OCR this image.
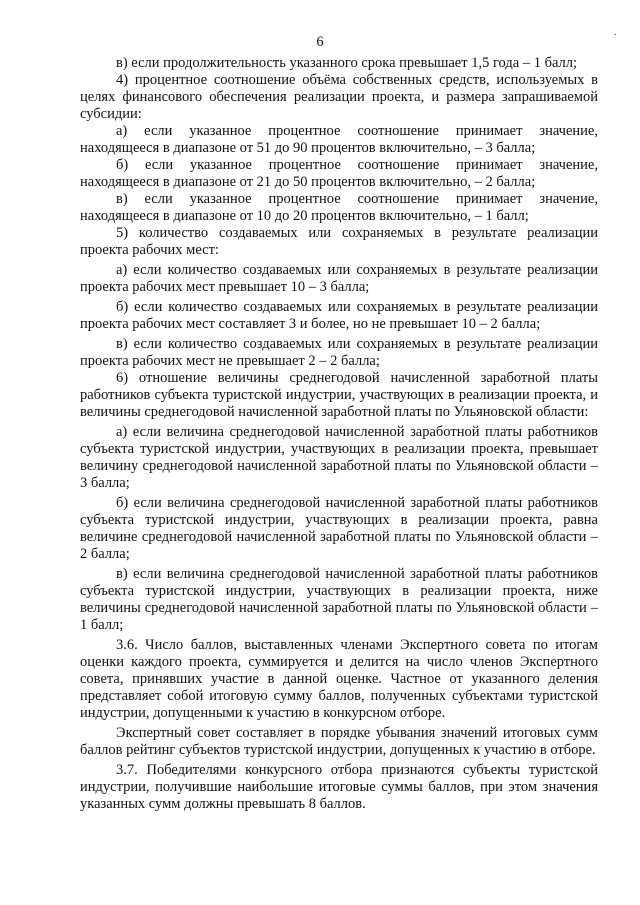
6
.

в) если продолжительность указанного срока превышает 1,5 года – 1 балл;

4) процентное соотношение объёма собственных средств, используемых в целях финансового обеспечения реализации проекта, и размера запрашиваемой субсидии:

а) если указанное процентное соотношение принимает значение, находящееся в диапазоне от 51 до 90 процентов включительно, – 3 балла;

б) если указанное процентное соотношение принимает значение, находящееся в диапазоне от 21 до 50 процентов включительно, – 2 балла;

в) если указанное процентное соотношение принимает значение, находящееся в диапазоне от 10 до 20 процентов включительно, – 1 балл;

5) количество создаваемых или сохраняемых в результате реализации проекта рабочих мест:

а) если количество создаваемых или сохраняемых в результате реализации проекта рабочих мест превышает 10 – 3 балла;

б) если количество создаваемых или сохраняемых в результате реализации проекта рабочих мест составляет 3 и более, но не превышает 10 – 2 балла;

в) если количество создаваемых или сохраняемых в результате реализации проекта рабочих мест не превышает 2 – 2 балла;

6) отношение величины среднегодовой начисленной заработной платы работников субъекта туристской индустрии, участвующих в реализации проекта, и величины среднегодовой начисленной заработной платы по Ульяновской области:

а) если величина среднегодовой начисленной заработной платы работников субъекта туристской индустрии, участвующих в реализации проекта, превышает величину среднегодовой начисленной заработной платы по Ульяновской области – 3 балла;

б) если величина среднегодовой начисленной заработной платы работников субъекта туристской индустрии, участвующих в реализации проекта, равна величине среднегодовой начисленной заработной платы по Ульяновской области – 2 балла;

в) если величина среднегодовой начисленной заработной платы работников субъекта туристской индустрии, участвующих в реализации проекта, ниже величины среднегодовой начисленной заработной платы по Ульяновской области – 1 балл;

3.6. Число баллов, выставленных членами Экспертного совета по итогам оценки каждого проекта, суммируется и делится на число членов Экспертного совета, принявших участие в данной оценке. Частное от указанного деления представляет собой итоговую сумму баллов, полученных субъектами туристской индустрии, допущенными к участию в конкурсном отборе.

Экспертный совет составляет в порядке убывания значений итоговых сумм баллов рейтинг субъектов туристской индустрии, допущенных к участию в отборе.

3.7. Победителями конкурсного отбора признаются субъекты туристской индустрии, получившие наибольшие итоговые суммы баллов, при этом значения указанных сумм должны превышать 8 баллов.
